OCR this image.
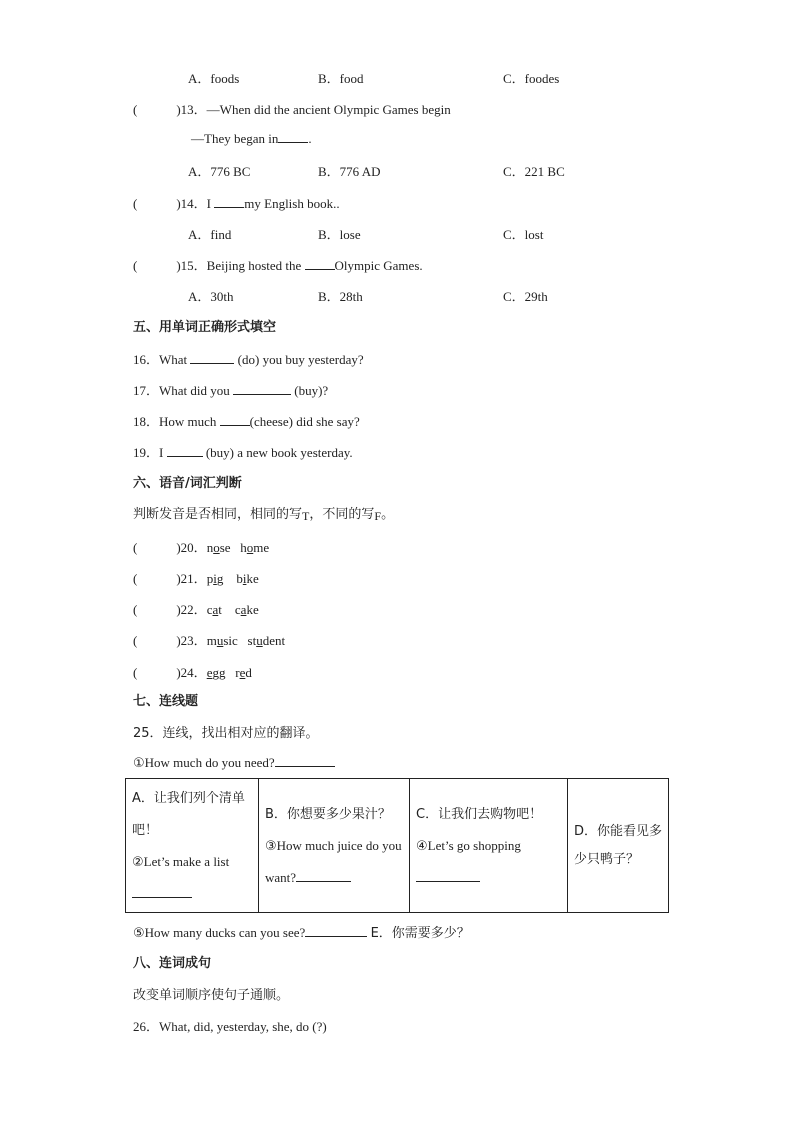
A．foods	B．food	C．foodes
(　　　)13．—When did the ancient Olympic Games begin
—They began in .
A．776 BC	B．776 AD	C．221 BC
(　　　)14．I my English book..
A．find	B．lose	C．lost
(　　　)15．Beijing hosted the Olympic Games.
A．30th	B．28th	C．29th
五、用单词正确形式填空
16．What	(do) you buy yesterday?
17．What did you	(buy)?
18．How much (cheese) did she say?
19．I	(buy) a new book yesterday.
六、语音/词汇判断
判断发音是否相同，相同的写T，不同的写F。
(　　　)20．nose home
(　　　)21．pig bike
(　　　)22．cat cake
(　　　)23．music student
(　　　)24．egg red
七、连线题
25．连线，找出相对应的翻译。
①How much do you need?
A．让我们列个清单吧！
②Let’s make a list

B．你想要多少果汁？
③How much juice do you want?

C．让我们去购物吧！
④Let’s go shopping

D．你能看见多少只鸭子？
⑤How many ducks can you see?	E．你需要多少？
八、连词成句
改变单词顺序使句子通顺。
26．What, did, yesterday, she, do (?)
